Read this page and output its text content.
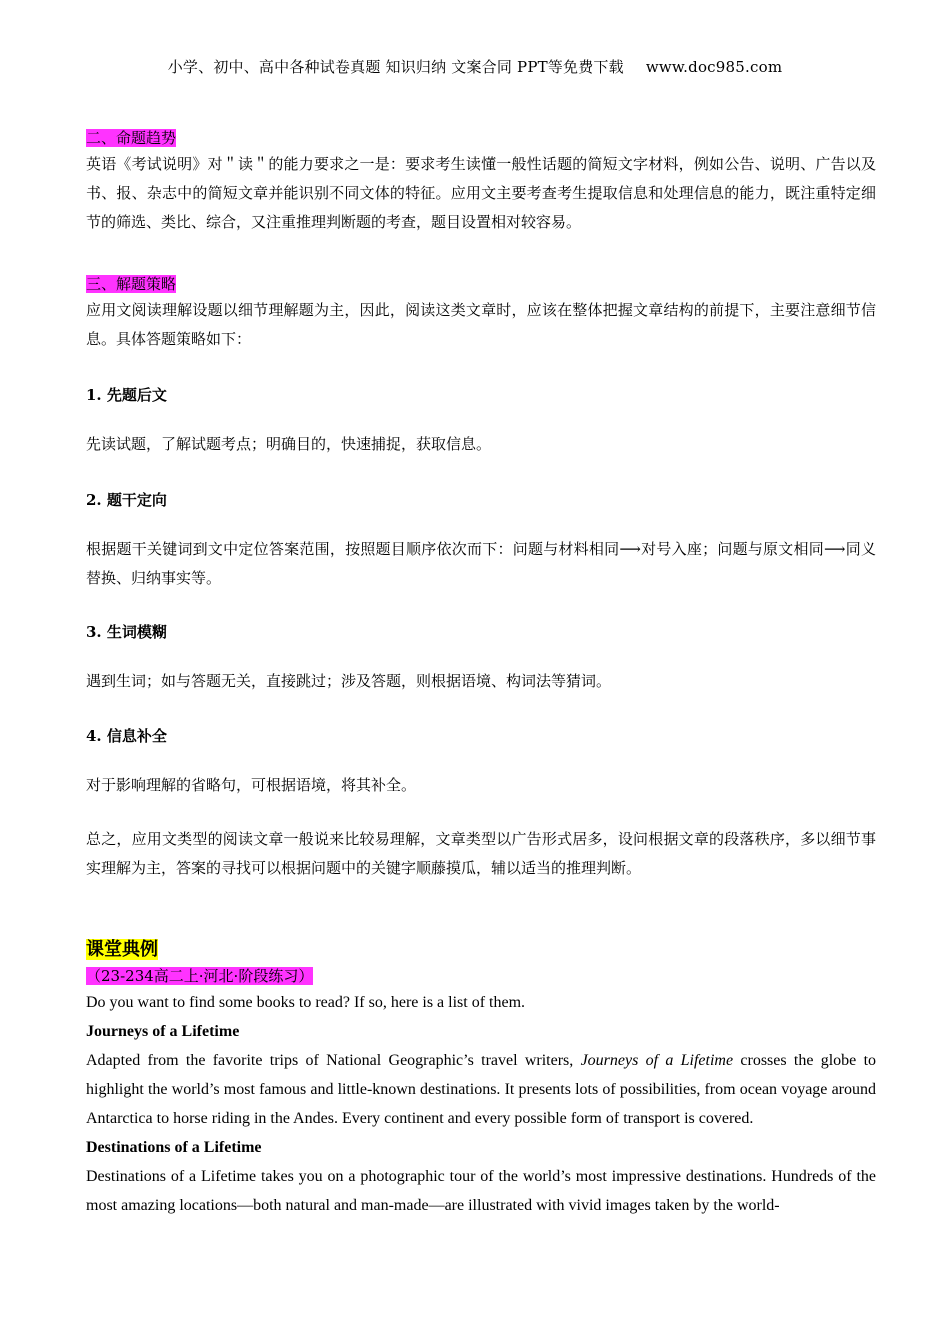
小学、初中、高中各种试卷真题 知识归纳 文案合同 PPT等免费下载 www.doc985.com
二、命题趋势

英语《考试说明》对＂读＂的能力要求之一是：要求考生读懂一般性话题的简短文字材料，例如公告、说明、广告以及书、报、杂志中的简短文章并能识别不同文体的特征。应用文主要考查考生提取信息和处理信息的能力，既注重特定细节的筛选、类比、综合，又注重推理判断题的考查，题目设置相对较容易。

三、解题策略

应用文阅读理解设题以细节理解题为主，因此，阅读这类文章时，应该在整体把握文章结构的前提下，主要注意细节信息。具体答题策略如下：

1. 先题后文

先读试题，了解试题考点；明确目的，快速捕捉，获取信息。

2. 题干定向

根据题干关键词到文中定位答案范围，按照题目顺序依次而下：问题与材料相同⟶对号入座；问题与原文相同⟶同义替换、归纳事实等。

3. 生词模糊

遇到生词；如与答题无关，直接跳过；涉及答题，则根据语境、构词法等猜词。

4. 信息补全

对于影响理解的省略句，可根据语境，将其补全。

总之，应用文类型的阅读文章一般说来比较易理解，文章类型以广告形式居多，设问根据文章的段落秩序，多以细节事实理解为主，答案的寻找可以根据问题中的关键字顺藤摸瓜，辅以适当的推理判断。

课堂典例
（23-234高二上·河北·阶段练习）

Do you want to find some books to read? If so, here is a list of them.

Journeys of a Lifetime

Adapted from the favorite trips of National Geographic’s travel writers, Journeys of a Lifetime crosses the globe to highlight the world’s most famous and little-known destinations. It presents lots of possibilities, from ocean voyage around Antarctica to horse riding in the Andes. Every continent and every possible form of transport is covered.

Destinations of a Lifetime

Destinations of a Lifetime takes you on a photographic tour of the world’s most impressive destinations. Hundreds of the most amazing locations—both natural and man-made—are illustrated with vivid images taken by the world-
